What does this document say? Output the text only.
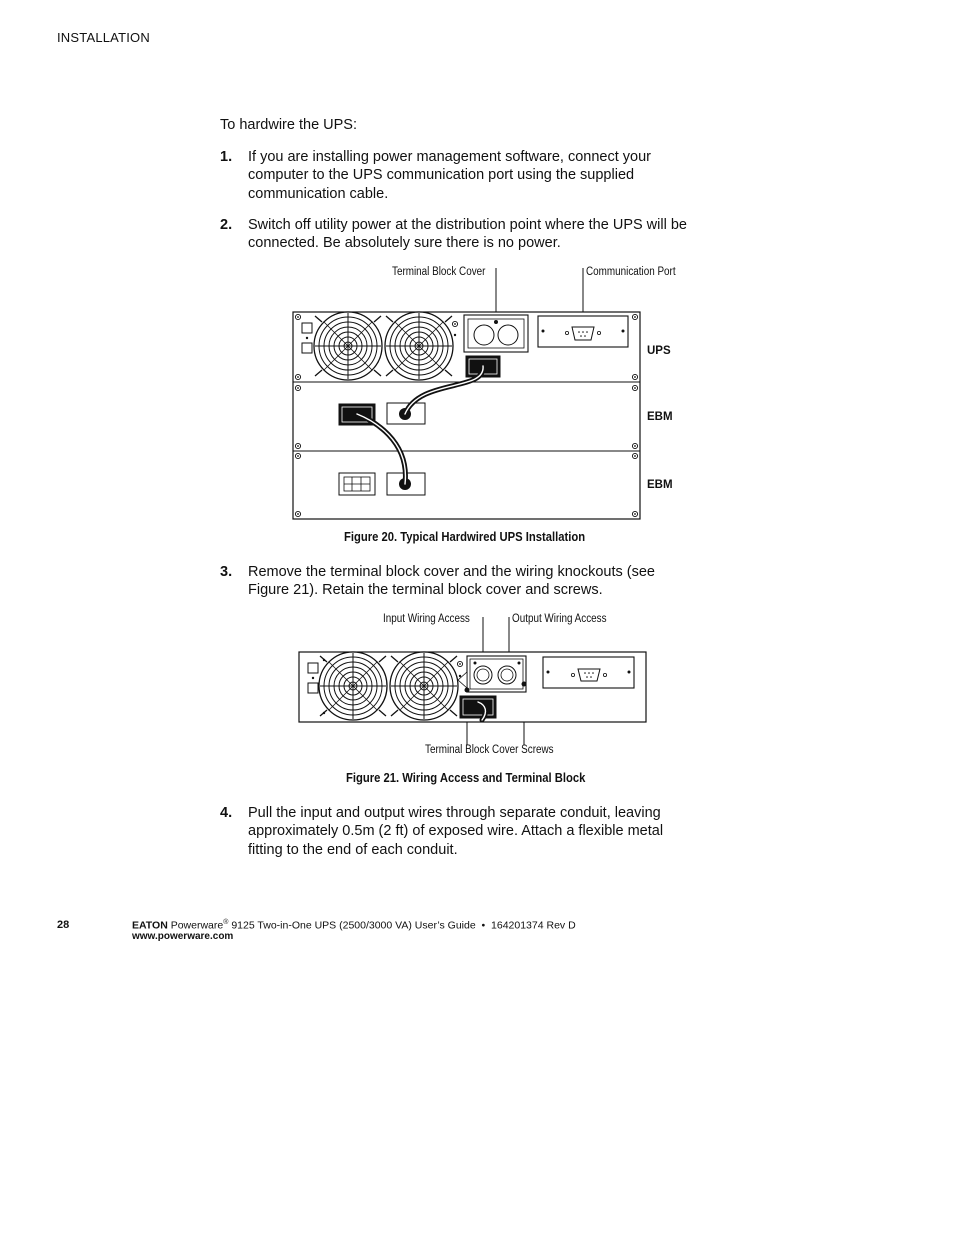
INSTALLATION
To hardwire the UPS:
1. If you are installing power management software, connect your computer to the UPS communication port using the supplied communication cable.
2. Switch off utility power at the distribution point where the UPS will be connected. Be absolutely sure there is no power.
Terminal Block Cover	Communication Port
UPS
EBM
EBM
Figure 20. Typical Hardwired UPS Installation
3. Remove the terminal block cover and the wiring knockouts (see Figure 21). Retain the terminal block cover and screws.
Input Wiring Access	Output Wiring Access
Terminal Block Cover Screws
Figure 21. Wiring Access and Terminal Block
4. Pull the input and output wires through separate conduit, leaving approximately 0.5m (2 ft) of exposed wire. Attach a flexible metal fitting to the end of each conduit.
28	EATON Powerware® 9125 Two-in-One UPS (2500/3000 VA) User’s Guide  •  164201374 Rev D
www.powerware.com
